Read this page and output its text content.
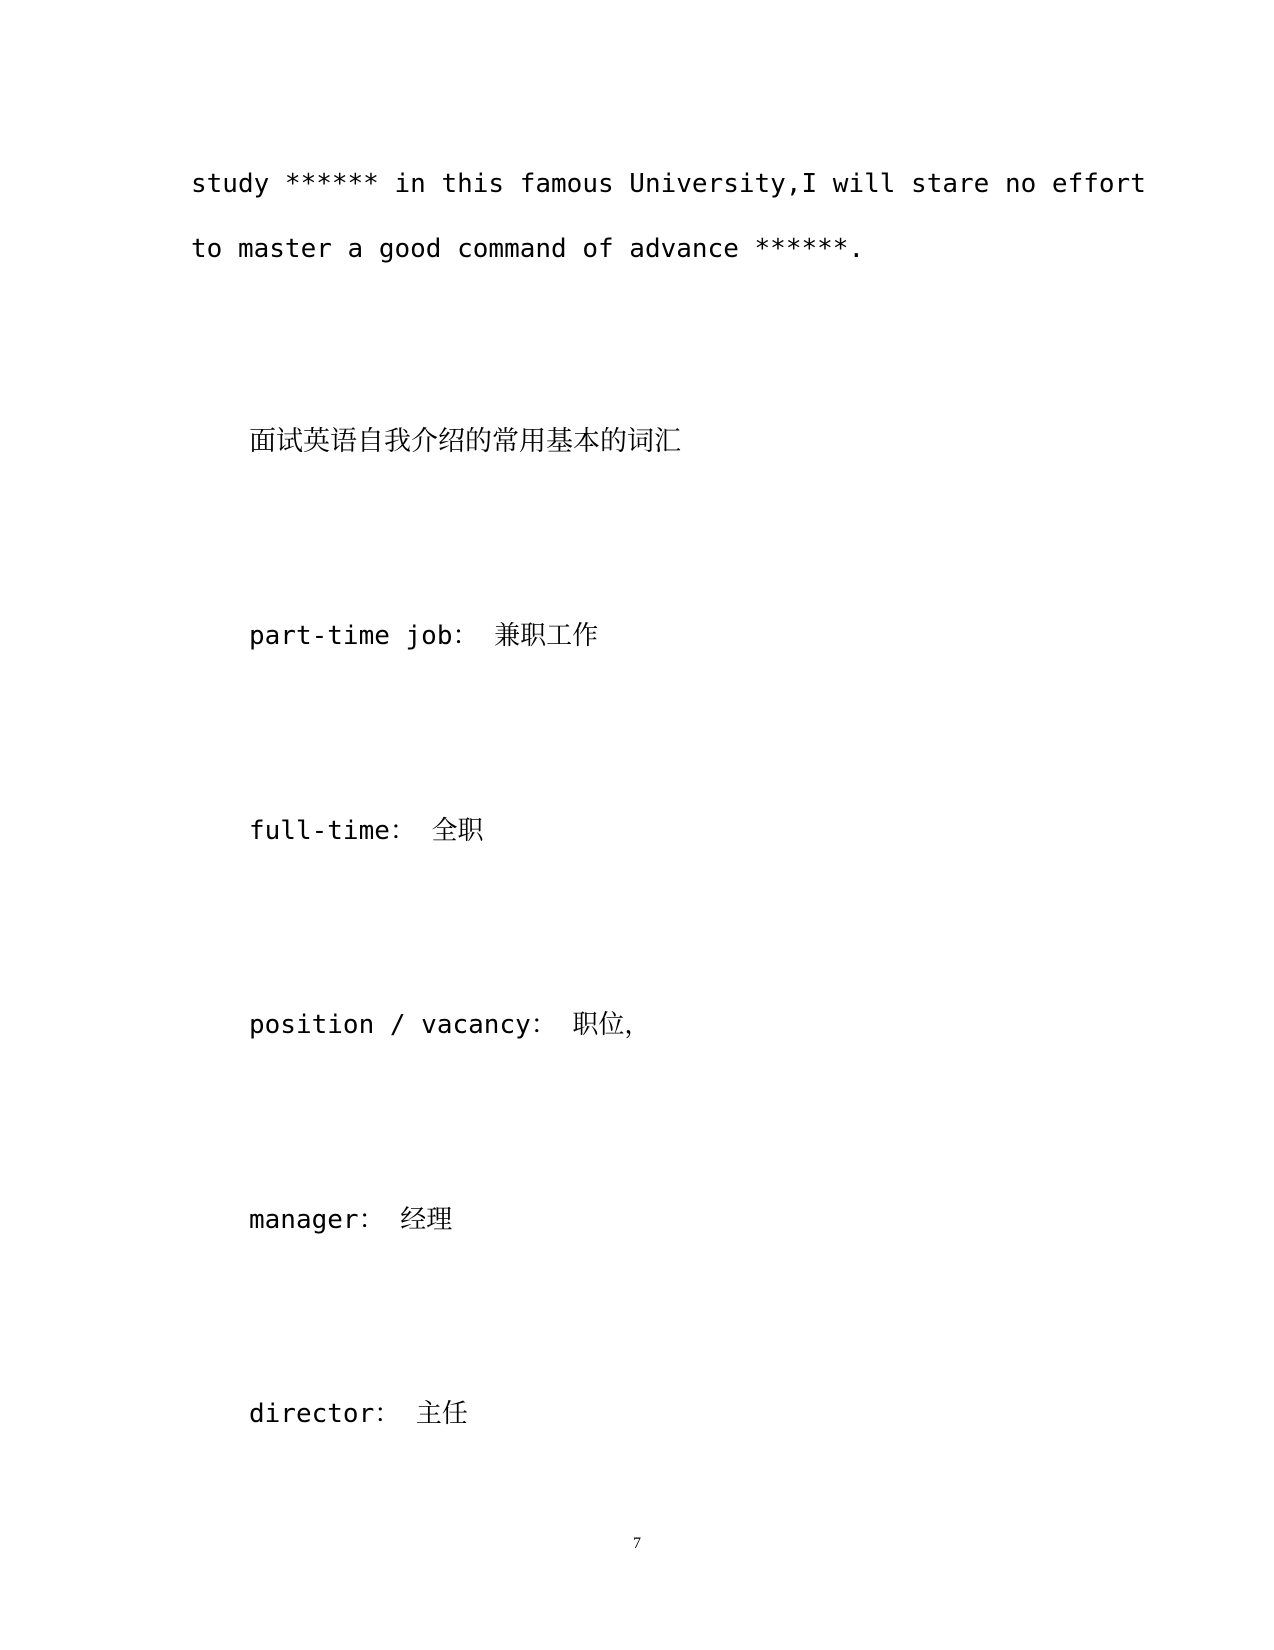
study ****** in this famous University,I will stare no effort
to master a good command of advance ******.
面试英语自我介绍的常用基本的词汇
part-time job： 兼职工作
full-time： 全职
position / vacancy： 职位，
manager： 经理
director： 主任
7
